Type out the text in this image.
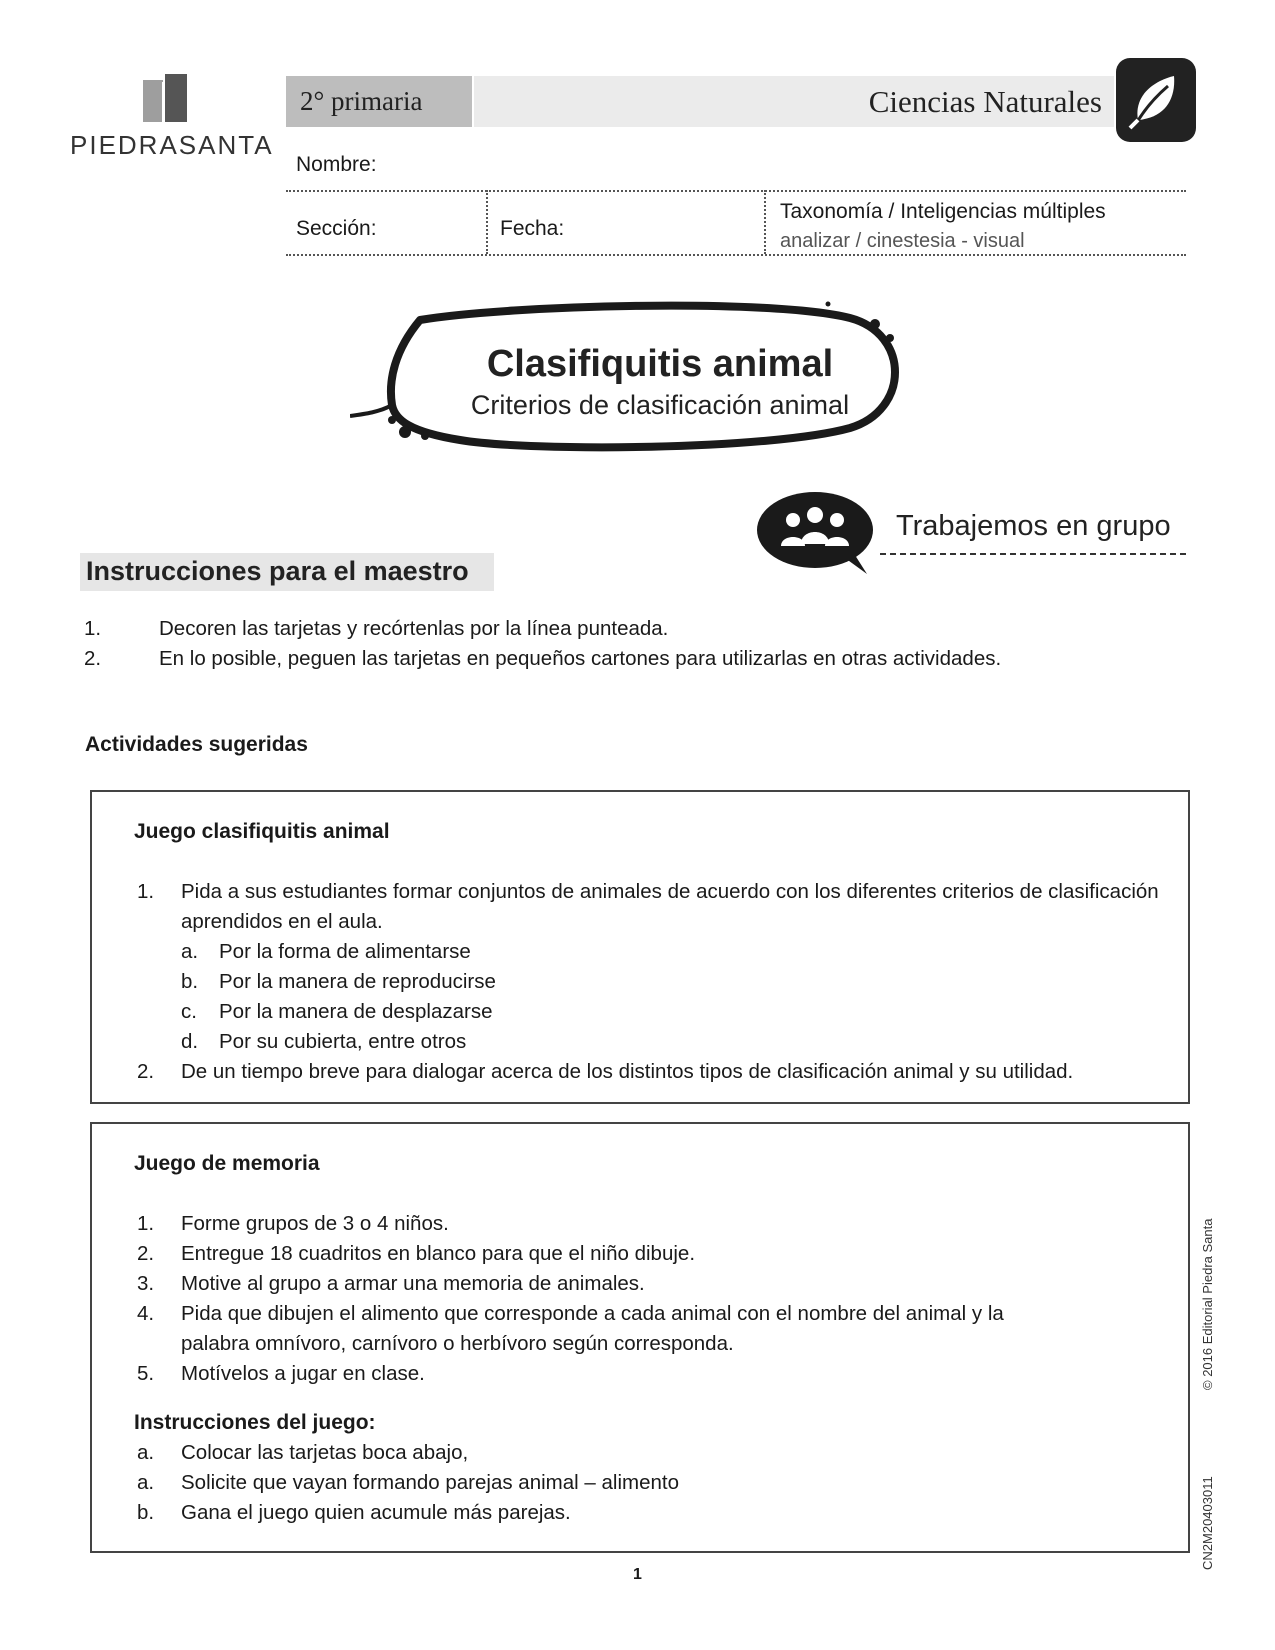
PIEDRASANTA
2° primaria	Ciencias Naturales
Nombre:
Sección:	Fecha:
Taxonomía / Inteligencias múltiples
analizar / cinestesia - visual
Clasifiquitis animal
Criterios de clasificación animal
Trabajemos en grupo
Instrucciones para el maestro
1.	Decoren las tarjetas y recórtenlas por la línea punteada.
2.	En lo posible, peguen las tarjetas en pequeños cartones para utilizarlas en otras actividades.
Actividades sugeridas
Juego clasifiquitis animal
1. Pida a sus estudiantes formar conjuntos de animales de acuerdo con los diferentes criterios de clasificación aprendidos en el aula.
a. Por la forma de alimentarse
b. Por la manera de reproducirse
c. Por la manera de desplazarse
d. Por su cubierta, entre otros
2. De un tiempo breve para dialogar acerca de los distintos tipos de clasificación animal y su utilidad.
Juego de memoria
1. Forme grupos de 3 o 4 niños.
2. Entregue 18 cuadritos en blanco para que el niño dibuje.
3. Motive al grupo a armar una memoria de animales.
4. Pida que dibujen el alimento que corresponde a cada animal con el nombre del animal y la palabra omnívoro, carnívoro o herbívoro según corresponda.
5. Motívelos a jugar en clase.
Instrucciones del juego:
a. Colocar las tarjetas boca abajo,
a. Solicite que vayan formando parejas animal – alimento
b. Gana el juego quien acumule más parejas.
© 2016 Editorial Piedra Santa
CN2M20403011
1
